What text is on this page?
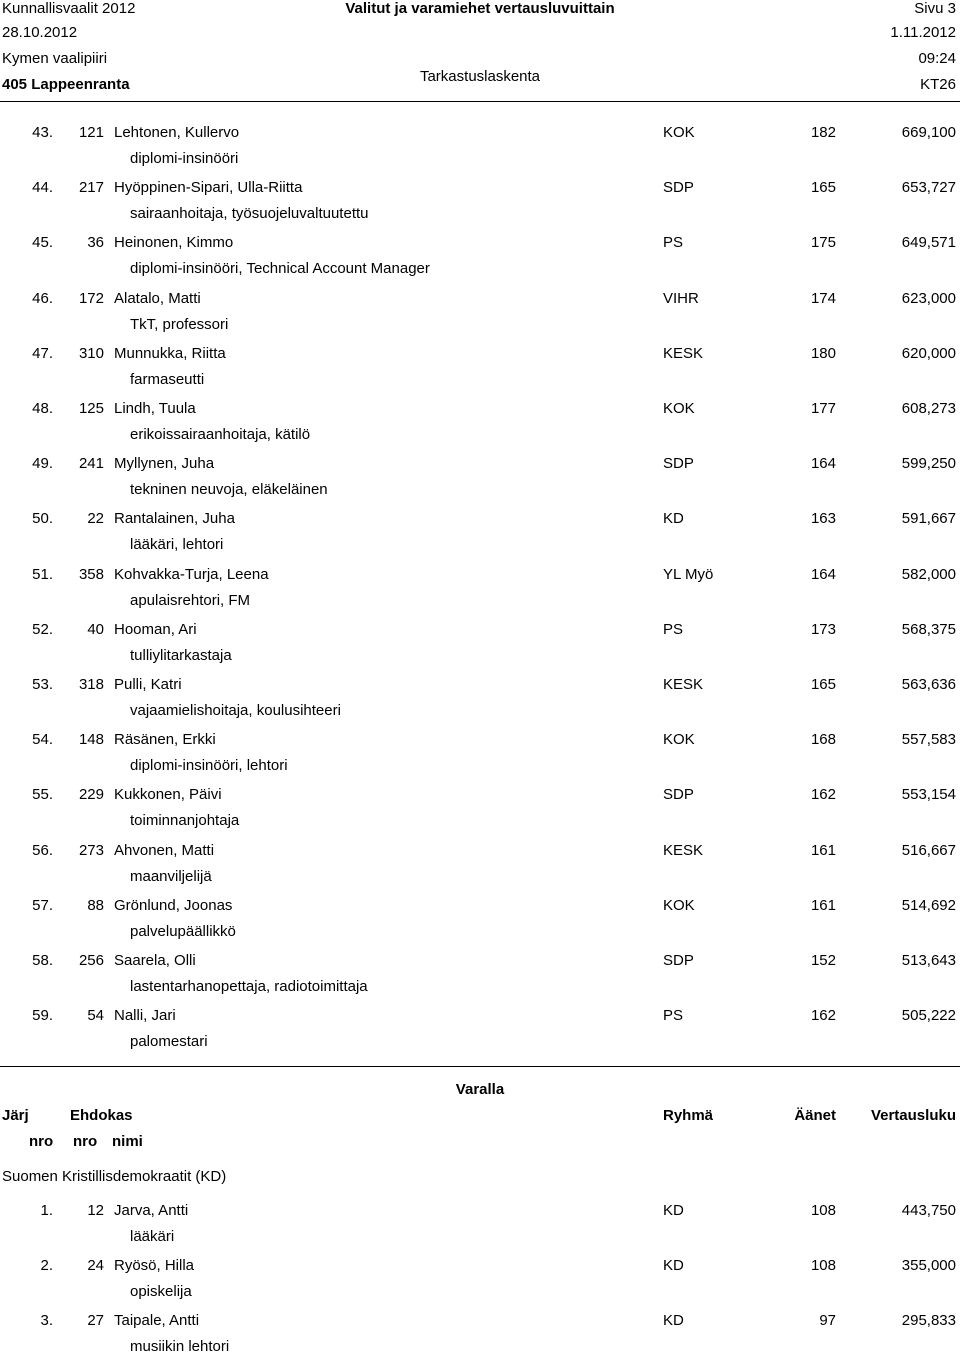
Kunnallisvaalit 2012	Valitut ja varamiehet vertausluvuittain	Sivu 3
28.10.2012	1.11.2012
Kymen vaalipiiri	09:24
405 Lappeenranta	Tarkastuslaskenta	KT26
43.	121 Lehtonen, Kullervo	KOK	182	669,100
diplomi-insinööri
44.	217 Hyöppinen-Sipari, Ulla-Riitta	SDP	165	653,727
sairaanhoitaja, työsuojeluvaltuutettu
45.	36 Heinonen, Kimmo	PS	175	649,571
diplomi-insinööri, Technical Account Manager
46.	172 Alatalo, Matti	VIHR	174	623,000
TkT, professori
47.	310 Munnukka, Riitta	KESK	180	620,000
farmaseutti
48.	125 Lindh, Tuula	KOK	177	608,273
erikoissairaanhoitaja, kätilö
49.	241 Myllynen, Juha	SDP	164	599,250
tekninen neuvoja, eläkeläinen
50.	22 Rantalainen, Juha	KD	163	591,667
lääkäri, lehtori
51.	358 Kohvakka-Turja, Leena	YL Myö	164	582,000
apulaisrehtori, FM
52.	40 Hooman, Ari	PS	173	568,375
tulliylitarkastaja
53.	318 Pulli, Katri	KESK	165	563,636
vajaamielishoitaja, koulusihteeri
54.	148 Räsänen, Erkki	KOK	168	557,583
diplomi-insinööri, lehtori
55.	229 Kukkonen, Päivi	SDP	162	553,154
toiminnanjohtaja
56.	273 Ahvonen, Matti	KESK	161	516,667
maanviljelijä
57.	88 Grönlund, Joonas	KOK	161	514,692
palvelupäällikkö
58.	256 Saarela, Olli	SDP	152	513,643
lastentarhanopettaja, radiotoimittaja
59.	54 Nalli, Jari	PS	162	505,222
palomestari
Varalla
Järj	Ehdokas	Ryhmä	Äänet	Vertausluku
nro nro nimi
Suomen Kristillisdemokraatit (KD)
1.	12 Jarva, Antti	KD	108	443,750
lääkäri
2.	24 Ryösö, Hilla	KD	108	355,000
opiskelija
3.	27 Taipale, Antti	KD	97	295,833
musiikin lehtori
